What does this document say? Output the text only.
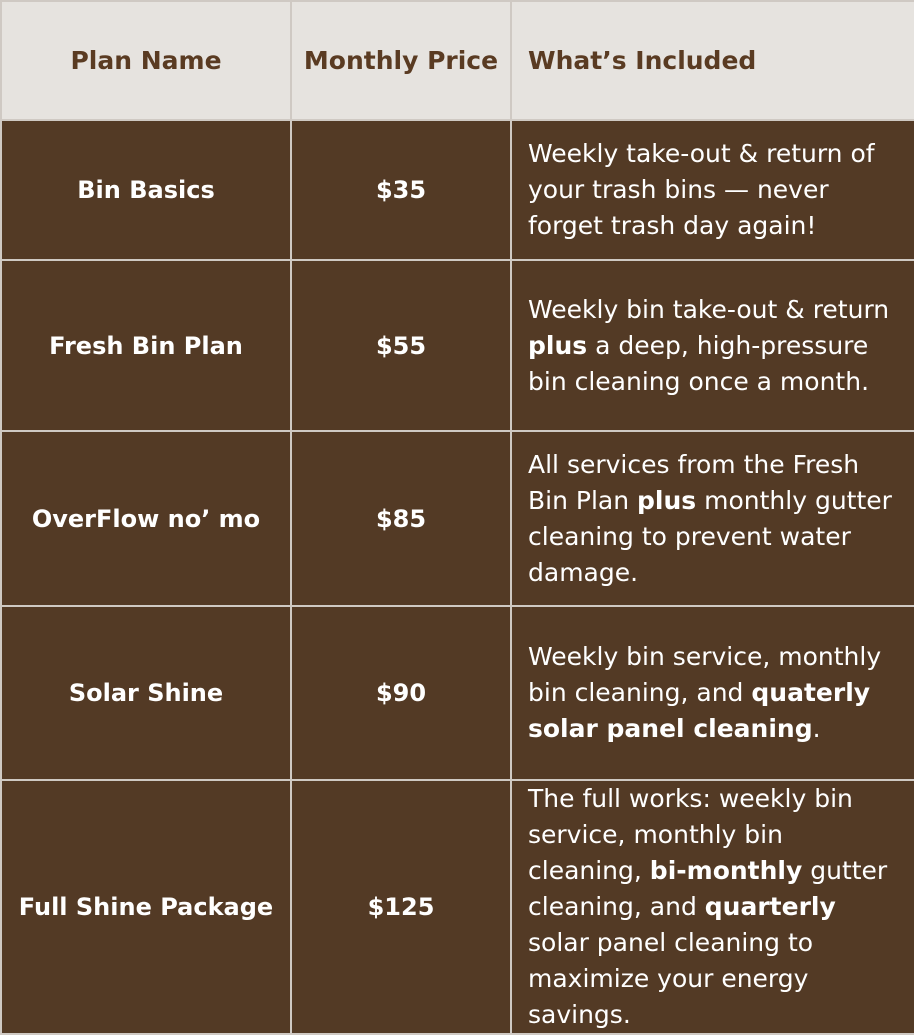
Plan Name	Monthly Price	What’s Included
Bin Basics	$35	Weekly take-out & return of your trash bins — never forget trash day again!
Fresh Bin Plan	$55	Weekly bin take-out & return plus a deep, high-pressure bin cleaning once a month.
OverFlow no’ mo	$85	All services from the Fresh Bin Plan plus monthly gutter cleaning to prevent water damage.
Solar Shine	$90	Weekly bin service, monthly bin cleaning, and quaterly solar panel cleaning.
Full Shine Package	$125	The full works: weekly bin service, monthly bin cleaning, bi-monthly gutter cleaning, and quarterly solar panel cleaning to maximize your energy savings.
